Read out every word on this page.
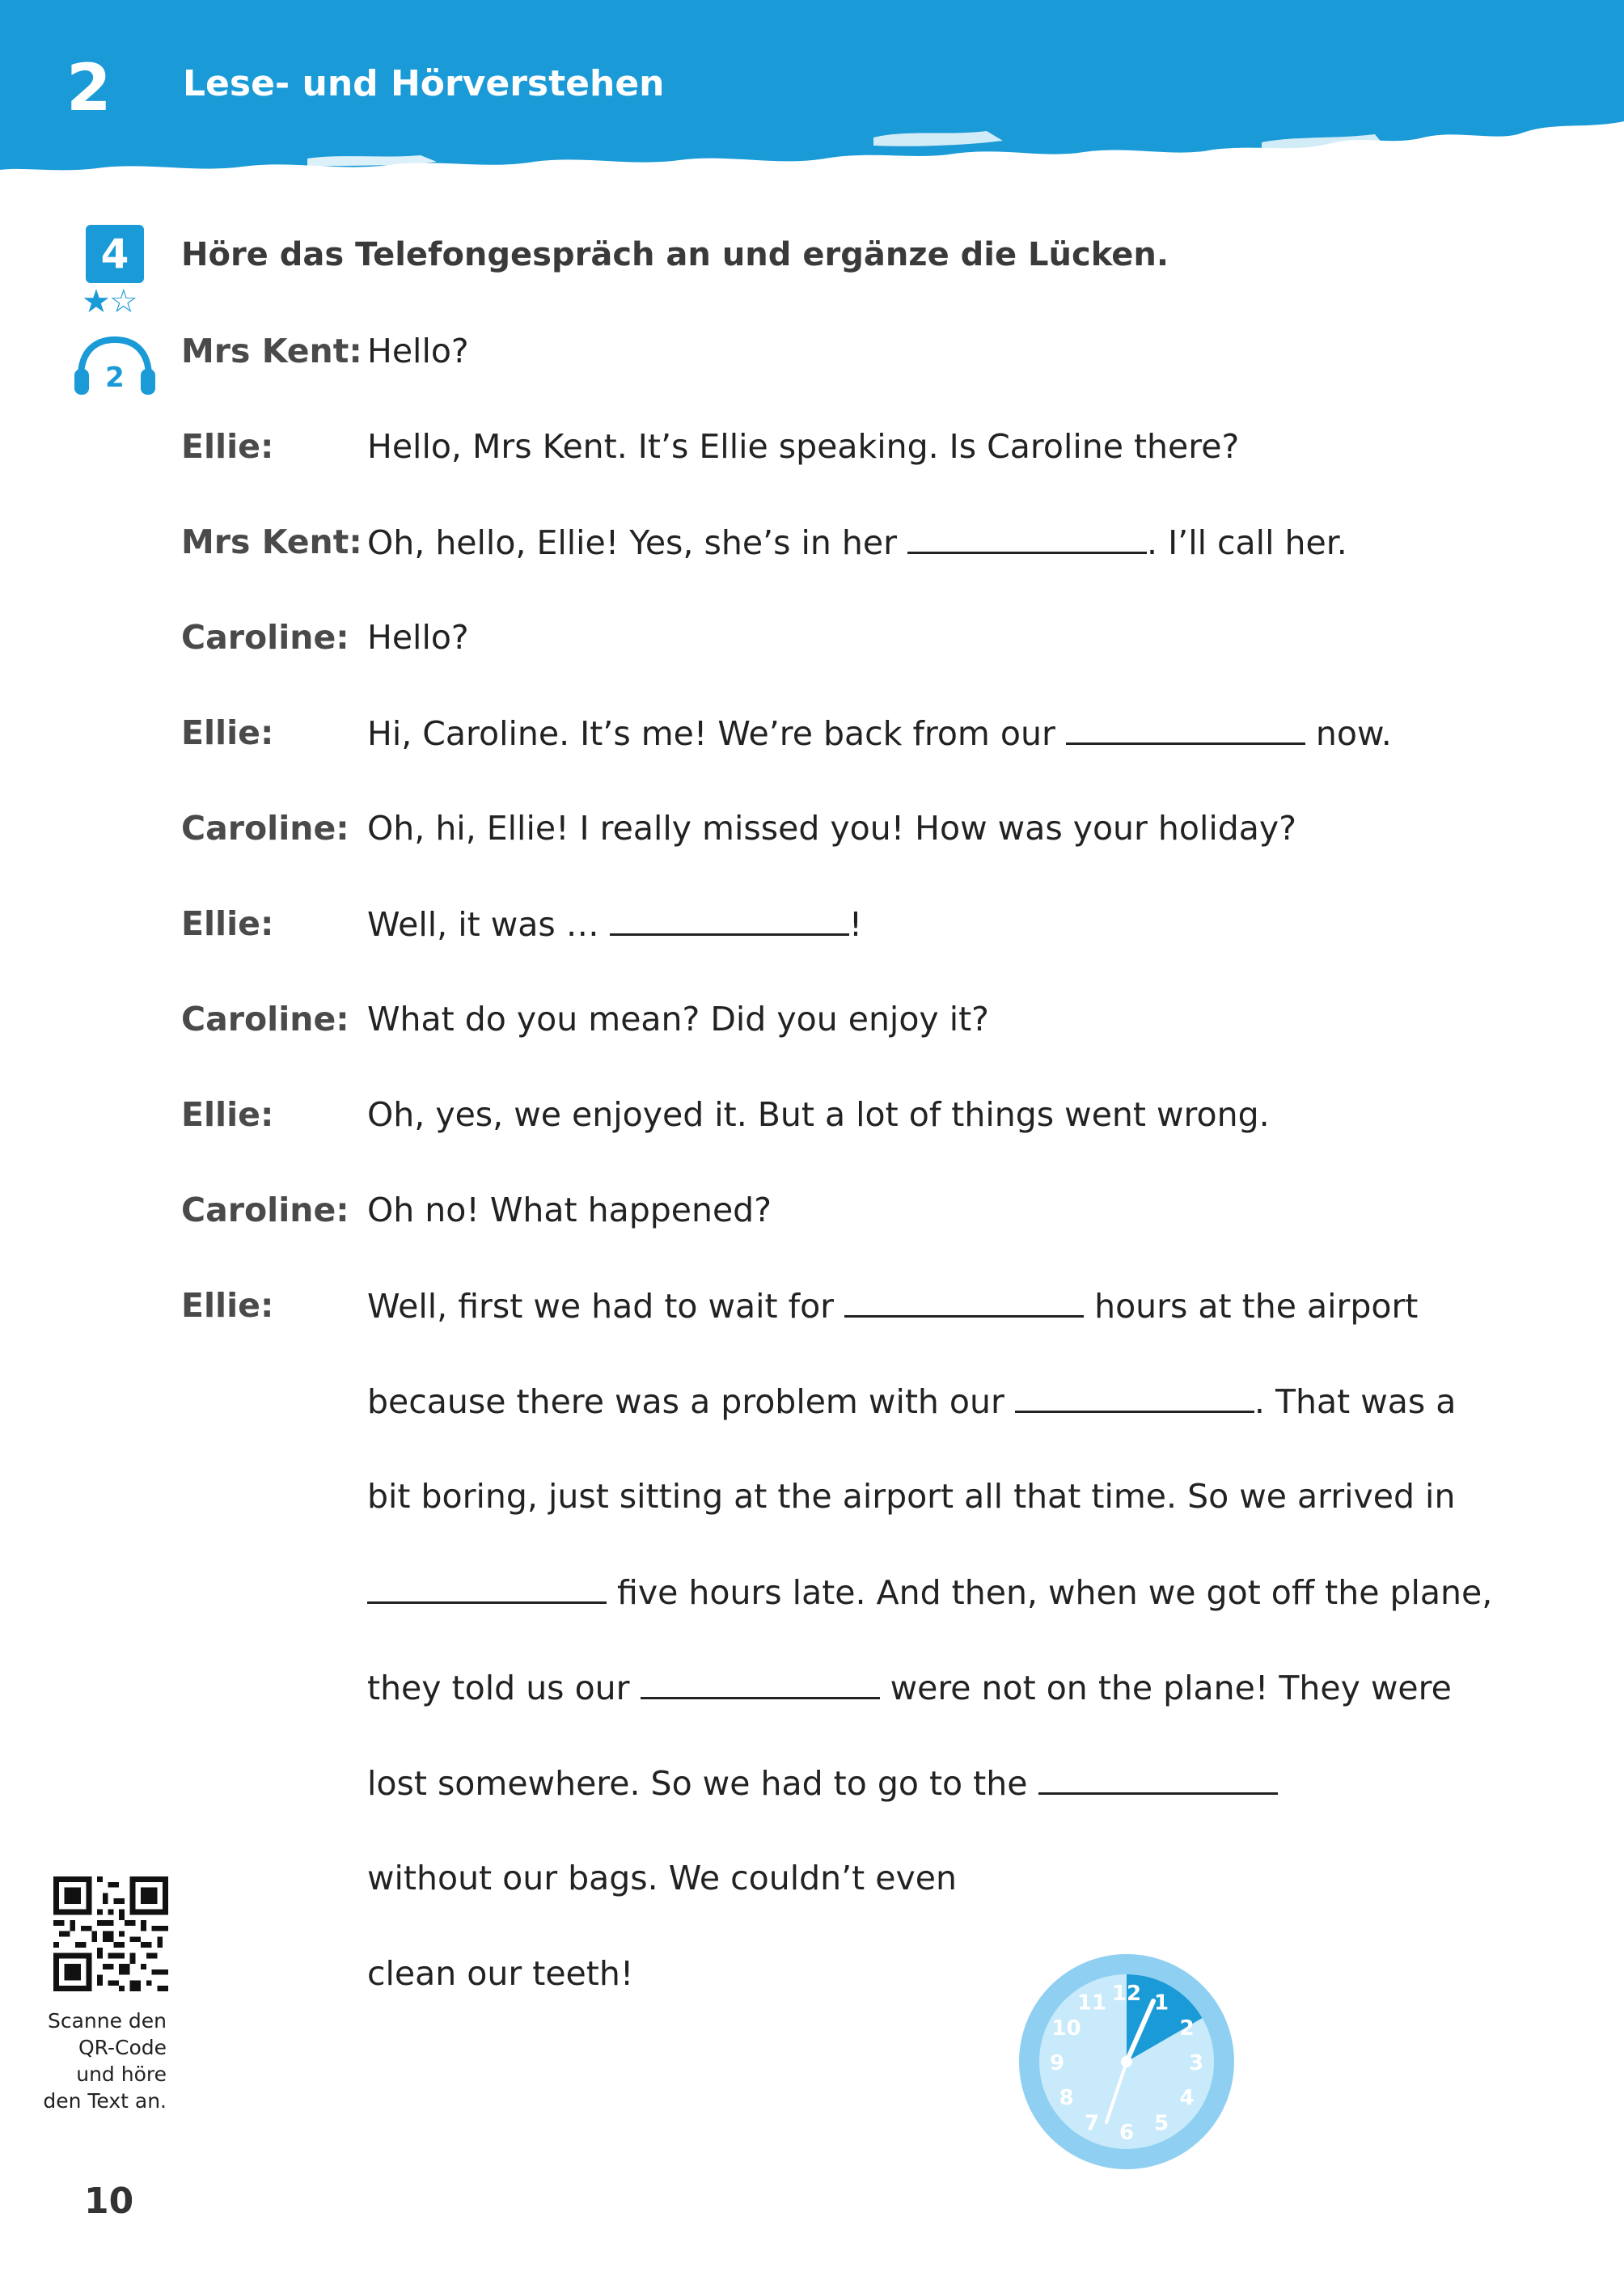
2 Lese- und Hörverstehen
4
★☆
2
Höre das Telefongespräch an und ergänze die Lücken.
Mrs Kent: Hello?
Ellie:	Hello, Mrs Kent. It’s Ellie speaking. Is Caroline there?
Mrs Kent: Oh, hello, Ellie! Yes, she’s in her	. I’ll call her.
Caroline: Hello?
Ellie:	Hi, Caroline. It’s me! We’re back from our	now.
Caroline: Oh, hi, Ellie! I really missed you! How was your holiday?
Ellie:	Well, it was …	!
Caroline: What do you mean? Did you enjoy it?
Ellie:	Oh, yes, we enjoyed it. But a lot of things went wrong.
Caroline: Oh no! What happened?
Ellie:	Well, first we had to wait for	hours at the airport
because there was a problem with our	. That was a
bit boring, just sitting at the airport all that time. So we arrived in
five hours late. And then, when we got off the plane,
they told us our	were not on the plane! They were
lost somewhere. So we had to go to the
without our bags. We couldn’t even
clean our teeth!
Scanne den
QR-Code
und höre
den Text an.
12 1
2
3
4
5
6
7
8
9
10
11
10
